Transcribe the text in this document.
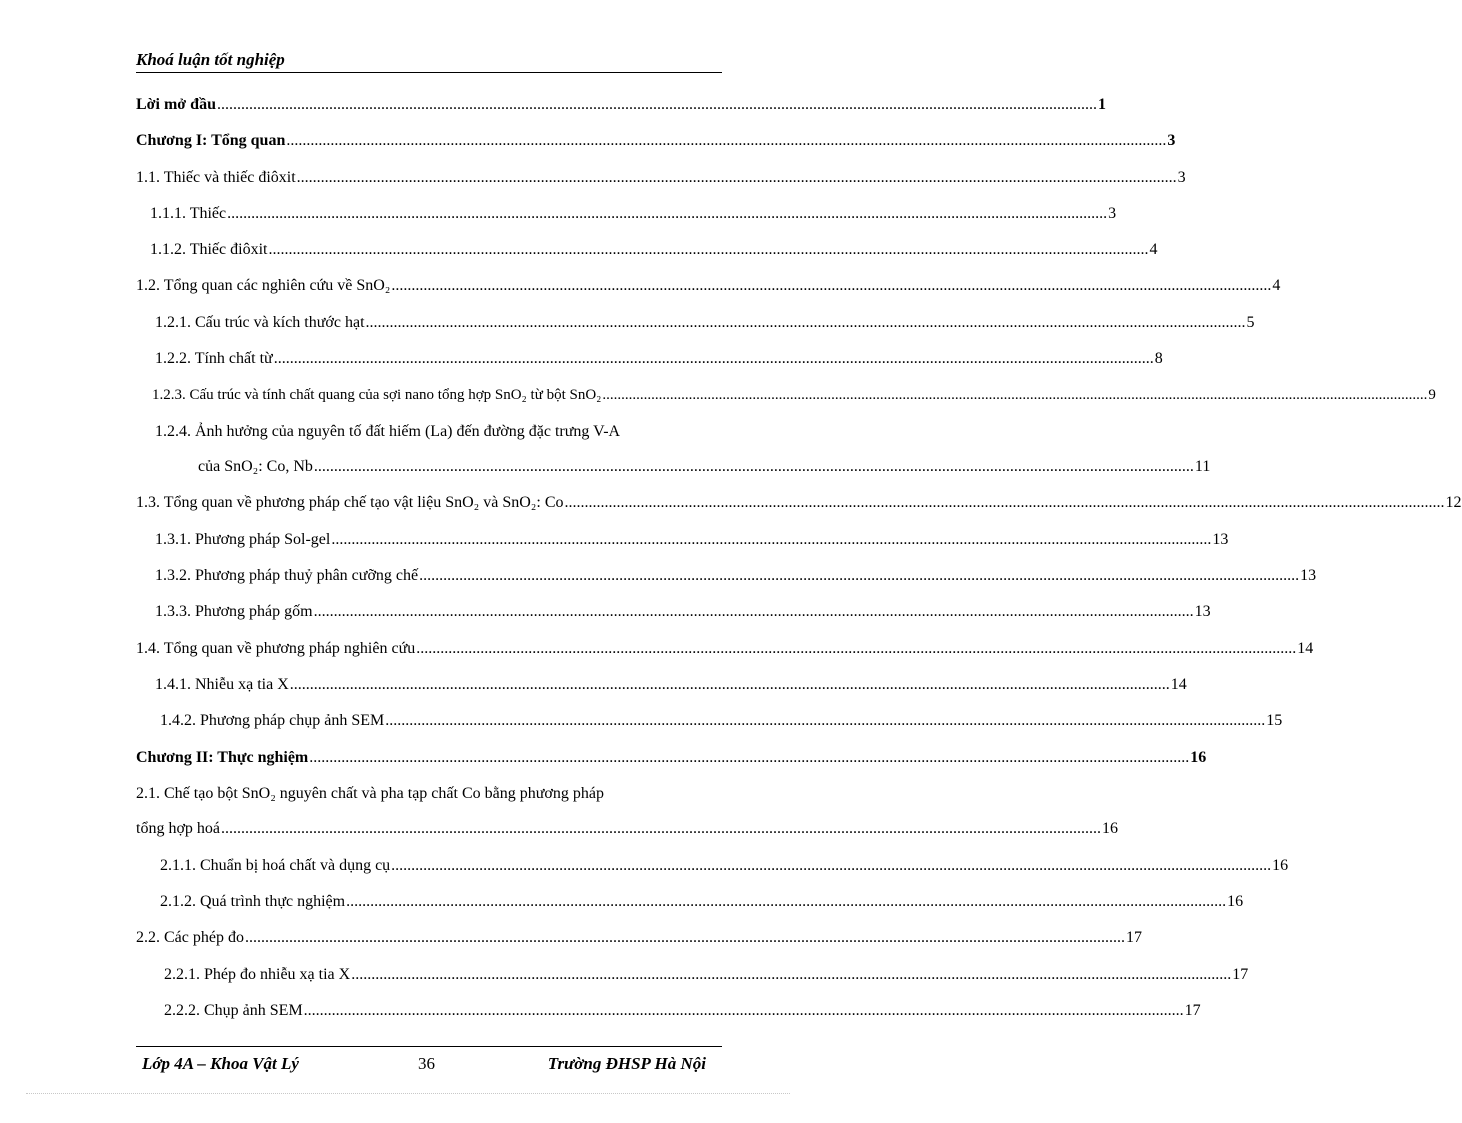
Khoá luận tốt nghiệp
Lời mở đầu ............................................................................................................................................................................................................................ 1
Chương I: Tổng quan ............................................................................................................................................................................................................................ 3
1.1. Thiếc và thiếc điôxit ............................................................................................................................................................................................................................ 3
1.1.1. Thiếc ............................................................................................................................................................................................................................ 3
1.1.2. Thiếc điôxit ............................................................................................................................................................................................................................ 4
1.2. Tổng quan các nghiên cứu về SnO₂ ............................................................................................................................................................................................................................ 4
1.2.1. Cấu trúc và kích thước hạt ............................................................................................................................................................................................................................ 5
1.2.2. Tính chất từ ............................................................................................................................................................................................................................ 8
1.2.3. Cấu trúc và tính chất quang của sợi nano tổng hợp SnO₂ từ bột SnO₂ ............................................................................................................................................................................................................................ 9
1.2.4. Ảnh hưởng của nguyên tố đất hiếm (La) đến đường đặc trưng V-A
của SnO₂: Co, Nb ............................................................................................................................................................................................................................ 11
1.3. Tổng quan về phương pháp chế tạo vật liệu SnO₂ và SnO₂: Co ............................................................................................................................................................................................................................ 12
1.3.1. Phương pháp Sol-gel ............................................................................................................................................................................................................................ 13
1.3.2. Phương pháp thuỷ phân cưỡng chế ............................................................................................................................................................................................................................ 13
1.3.3. Phương pháp gốm ............................................................................................................................................................................................................................ 13
1.4. Tổng quan về phương pháp nghiên cứu ............................................................................................................................................................................................................................ 14
1.4.1. Nhiễu xạ tia X ............................................................................................................................................................................................................................ 14
1.4.2. Phương pháp chụp ảnh SEM ............................................................................................................................................................................................................................ 15
Chương II: Thực nghiệm ............................................................................................................................................................................................................................ 16
2.1. Chế tạo bột SnO₂ nguyên chất và pha tạp chất Co bằng phương pháp
tổng hợp hoá ............................................................................................................................................................................................................................ 16
2.1.1. Chuẩn bị hoá chất và dụng cụ ............................................................................................................................................................................................................................ 16
2.1.2. Quá trình thực nghiệm ............................................................................................................................................................................................................................ 16
2.2. Các phép đo ............................................................................................................................................................................................................................ 17
2.2.1. Phép đo nhiễu xạ tia X ............................................................................................................................................................................................................................ 17
2.2.2. Chụp ảnh SEM ............................................................................................................................................................................................................................ 17
Lớp 4A – Khoa Vật Lý	36	Trường ĐHSP Hà Nội
